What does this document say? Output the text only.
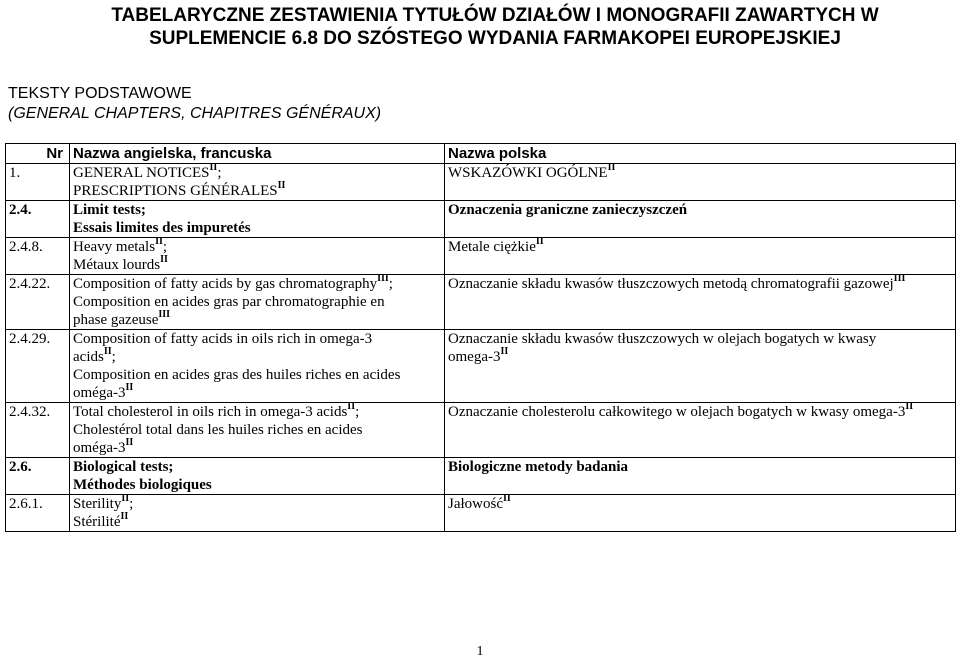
TABELARYCZNE ZESTAWIENIA TYTUŁÓW DZIAŁÓW I MONOGRAFII ZAWARTYCH W
SUPLEMENCIE 6.8 DO SZÓSTEGO WYDANIA FARMAKOPEI EUROPEJSKIEJ
TEKSTY PODSTAWOWE
(GENERAL CHAPTERS, CHAPITRES GÉNÉRAUX)
Nr	Nazwa angielska, francuska	Nazwa polska
1.	GENERAL $NOTICES^{II}$;
PRESCRIPTIONS $GÉNÉRALES^{II}$	WSKAZÓWKI $OGÓLNE^{II}$
2.4.	Limit tests;
Essais limites des impuretés	Oznaczenia graniczne zanieczyszczeń
2.4.8.	Heavy metals$^{II}$;
Métaux lourds$^{II}$	Metale ciężkie$^{II}$
2.4.22.	Composition of fatty acids by gas chromatography$^{III}$;
Composition en acides gras par chromatographie en
phase gazeuse$^{III}$	Oznaczanie składu kwasów tłuszczowych metodą chromatografii gazowej$^{III}$
2.4.29.	Composition of fatty acids in oils rich in omega-3
acids$^{II}$;
Composition en acides gras des huiles riches en acides
oméga-$3^{II}$	Oznaczanie składu kwasów tłuszczowych w olejach bogatych w kwasy
omega-$3^{II}$

2.4.32.	Total cholesterol in oils rich in omega-3 acids$^{II}$;
Cholestérol total dans les huiles riches en acides
oméga-$3^{II}$	Oznaczanie cholesterolu całkowitego w olejach bogatych w kwasy omega-$3^{II}$
2.6.	Biological tests;
Méthodes biologiques	Biologiczne metody badania
2.6.1.	Sterility$^{II}$;
Stérilité$^{II}$	Jałowość$^{II}$
1
